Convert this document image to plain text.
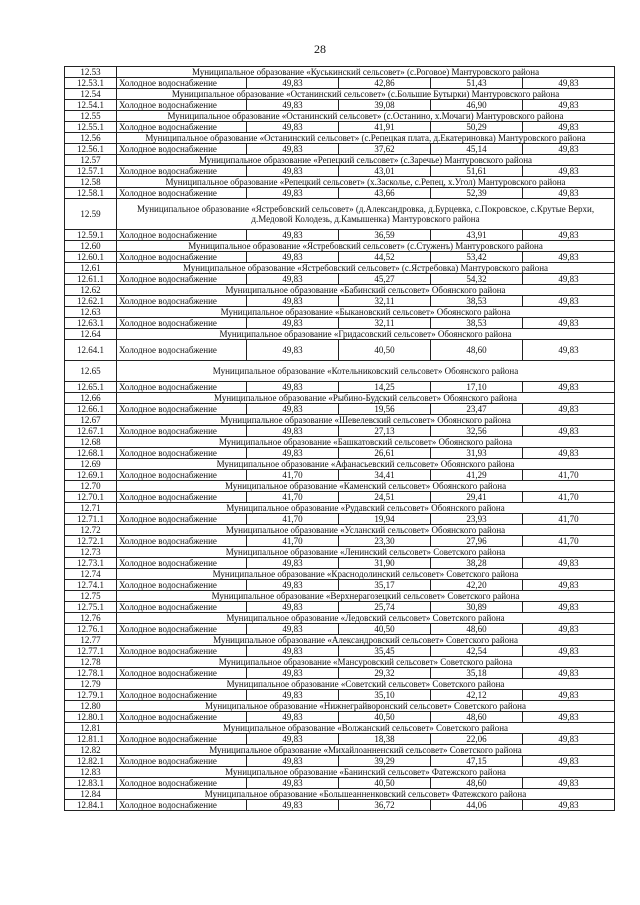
28
12.53	Муниципальное образование «Куськинский сельсовет» (с.Роговое) Мантуровского района				
12.53.1	Холодное водоснабжение	49,83	42,86	51,43	49,83
12.54	Муниципальное образование «Останинский сельсовет» (с.Большие Бутырки) Мантуровского района				
12.54.1	Холодное водоснабжение	49,83	39,08	46,90	49,83
12.55	Муниципальное образование «Останинский сельсовет» (с.Останино, х.Мочаги) Мантуровского района				
12.55.1	Холодное водоснабжение	49,83	41,91	50,29	49,83
12.56	Муниципальное образование «Останинский сельсовет» (с.Репецкая плата, д.Екатериновка) Мантуровского района				
12.56.1	Холодное водоснабжение	49,83	37,62	45,14	49,83
12.57	Муниципальное образование «Репецкий сельсовет» (с.Заречье) Мантуровского района				
12.57.1	Холодное водоснабжение	49,83	43,01	51,61	49,83
12.58	Муниципальное образование «Репецкий сельсовет» (х.Засколье, с.Репец, х.Угол) Мантуровского района				
12.58.1	Холодное водоснабжение	49,83	43,66	52,39	49,83
12.59	Муниципальное образование «Ястребовский сельсовет» (д.Александровка, д.Бурцевка, с.Покровское, с.Крутые Верхи, д.Медовой Колодезь, д.Камышенка) Мантуровского района				
12.59.1	Холодное водоснабжение	49,83	36,59	43,91	49,83
12.60	Муниципальное образование «Ястребовский сельсовет» (с.Стуженъ) Мантуровского района				
12.60.1	Холодное водоснабжение	49,83	44,52	53,42	49,83
12.61	Муниципальное образование «Ястребовский сельсовет» (с.Ястребовка) Мантуровского района				
12.61.1	Холодное водоснабжение	49,83	45,27	54,32	49,83
12.62	Муниципальное образование «Бабинский сельсовет» Обоянского района				
12.62.1	Холодное водоснабжение	49,83	32,11	38,53	49,83
12.63	Муниципальное образование «Быкановский сельсовет» Обоянского района				
12.63.1	Холодное водоснабжение	49,83	32,11	38,53	49,83
12.64	Муниципальное образование «Гридасовский сельсовет» Обоянского района				
12.64.1	Холодное водоснабжение	49,83	40,50	48,60	49,83
12.65	Муниципальное образование «Котельниковский сельсовет» Обоянского района				
12.65.1	Холодное водоснабжение	49,83	14,25	17,10	49,83
12.66	Муниципальное образование «Рыбино-Будский сельсовет» Обоянского района				
12.66.1	Холодное водоснабжение	49,83	19,56	23,47	49,83
12.67	Муниципальное образование «Шевелевский сельсовет» Обоянского района				
12.67.1	Холодное водоснабжение	49,83	27,13	32,56	49,83
12.68	Муниципальное образование «Башкатовский сельсовет» Обоянского района				
12.68.1	Холодное водоснабжение	49,83	26,61	31,93	49,83
12.69	Муниципальное образование «Афанасьевский сельсовет» Обоянского района				
12.69.1	Холодное водоснабжение	41,70	34,41	41,29	41,70
12.70	Муниципальное образование «Каменский сельсовет» Обоянского района				
12.70.1	Холодное водоснабжение	41,70	24,51	29,41	41,70
12.71	Муниципальное образование «Рудавский сельсовет» Обоянского района				
12.71.1	Холодное водоснабжение	41,70	19,94	23,93	41,70
12.72	Муниципальное образование «Усланский сельсовет» Обоянского района				
12.72.1	Холодное водоснабжение	41,70	23,30	27,96	41,70
12.73	Муниципальное образование «Ленинский сельсовет» Советского района				
12.73.1	Холодное водоснабжение	49,83	31,90	38,28	49,83
12.74	Муниципальное образование «Краснодолинский сельсовет» Советского района				
12.74.1	Холодное водоснабжение	49,83	35,17	42,20	49,83
12.75	Муниципальное образование «Верхнерагозецкий сельсовет» Советского района				
12.75.1	Холодное водоснабжение	49,83	25,74	30,89	49,83
12.76	Муниципальное образование «Ледовский сельсовет» Советского района				
12.76.1	Холодное водоснабжение	49,83	40,50	48,60	49,83
12.77	Муниципальное образование «Александровский сельсовет» Советского района				
12.77.1	Холодное водоснабжение	49,83	35,45	42,54	49,83
12.78	Муниципальное образование «Мансуровский сельсовет» Советского района				
12.78.1	Холодное водоснабжение	49,83	29,32	35,18	49,83
12.79	Муниципальное образование «Советский сельсовет» Советского района				
12.79.1	Холодное водоснабжение	49,83	35,10	42,12	49,83
12.80	Муниципальное образование «Нижнеграйворонский сельсовет» Советского района				
12.80.1	Холодное водоснабжение	49,83	40,50	48,60	49,83
12.81	Муниципальное образование «Волжанский сельсовет» Советского района				
12.81.1	Холодное водоснабжение	49,83	18,38	22,06	49,83
12.82	Муниципальное образование «Михайлоанненский сельсовет» Советского района				
12.82.1	Холодное водоснабжение	49,83	39,29	47,15	49,83
12.83	Муниципальное образование «Банинский сельсовет» Фатежского района				
12.83.1	Холодное водоснабжение	49,83	40,50	48,60	49,83
12.84	Муниципальное образование «Большеанненковский сельсовет» Фатежского района				
12.84.1	Холодное водоснабжение	49,83	36,72	44,06	49,83
